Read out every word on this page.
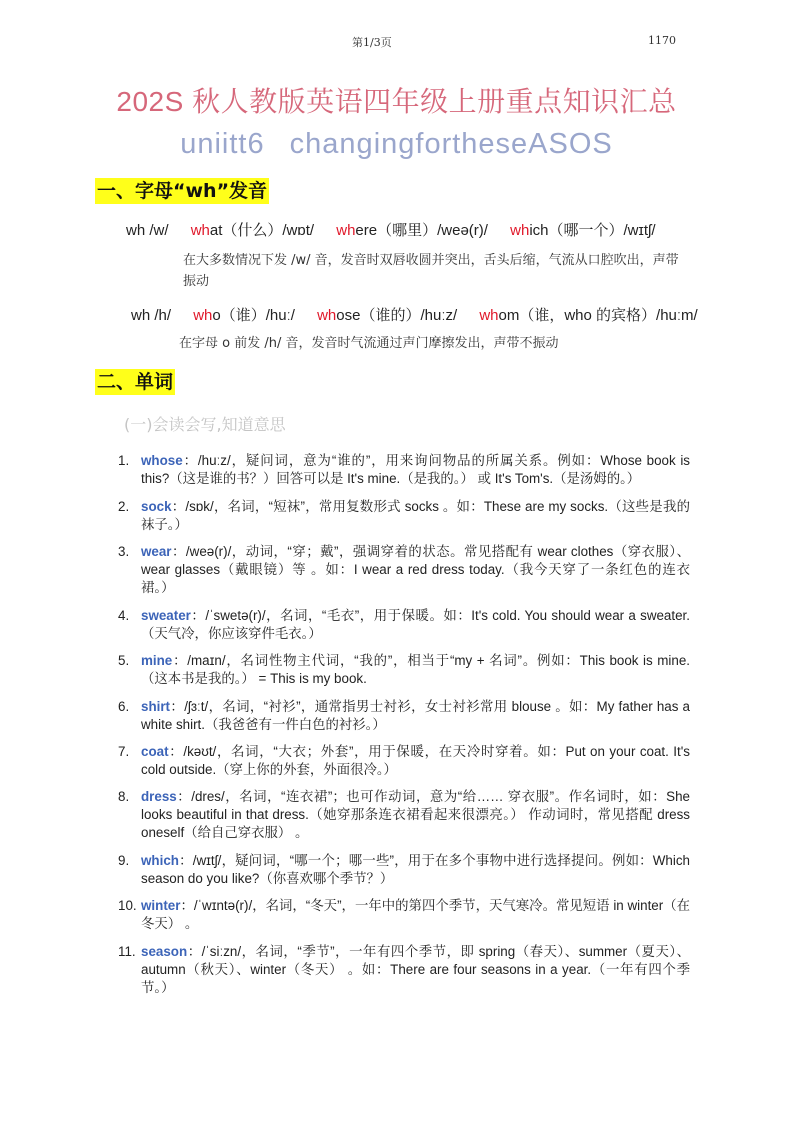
第1/3页	1170
202S 秋人教版英语四年级上册重点知识汇总
uniitt6 changingfortheseASOS
一、字母“wh”发音
wh /w/ what（什么）/wɒt/ where（哪里）/weə(r)/ which（哪一个）/wɪtʃ/
在大多数情况下发 /w/ 音，发音时双唇收圆并突出，舌头后缩，气流从口腔吹出，声带振动
wh /h/ who（谁）/huː/ whose（谁的）/huːz/ whom（谁，who 的宾格）/huːm/
在字母 o 前发 /h/ 音，发音时气流通过声门摩擦发出，声带不振动
二、单词
(一)会读会写,知道意思
1. whose：/huːz/，疑问词，意为“谁的”，用来询问物品的所属关系。例如：Whose book is this?（这是谁的书？）回答可以是 It's mine.（是我的。） 或 It's Tom's.（是汤姆的。）
2. sock：/sɒk/，名词，“短袜”，常用复数形式 socks 。如：These are my socks.（这些是我的袜子。）
3. wear：/weə(r)/，动词，“穿；戴”，强调穿着的状态。常见搭配有 wear clothes（穿衣服）、wear glasses（戴眼镜）等 。如：I wear a red dress today.（我今天穿了一条红色的连衣裙。）
4. sweater：/ˈswetə(r)/，名词，“毛衣”，用于保暖。如：It's cold. You should wear a sweater.（天气冷，你应该穿件毛衣。）
5. mine：/maɪn/，名词性物主代词，“我的”，相当于“my + 名词”。例如：This book is mine.（这本书是我的。） = This is my book.
6. shirt：/ʃɜːt/，名词，“衬衫”，通常指男士衬衫，女士衬衫常用 blouse 。如：My father has a white shirt.（我爸爸有一件白色的衬衫。）
7. coat：/kəʊt/，名词，“大衣；外套”，用于保暖，在天冷时穿着。如：Put on your coat. It's cold outside.（穿上你的外套，外面很冷。）
8. dress：/dres/，名词，“连衣裙”；也可作动词，意为“给…… 穿衣服”。作名词时，如：She looks beautiful in that dress.（她穿那条连衣裙看起来很漂亮。） 作动词时，常见搭配 dress oneself（给自己穿衣服） 。
9. which：/wɪtʃ/，疑问词，“哪一个；哪一些”，用于在多个事物中进行选择提问。例如：Which season do you like?（你喜欢哪个季节？）
10. winter：/ˈwɪntə(r)/，名词，“冬天”，一年中的第四个季节，天气寒冷。常见短语 in winter（在冬天） 。
11. season：/ˈsiːzn/，名词，“季节”，一年有四个季节，即 spring（春天）、summer（夏天）、autumn（秋天）、winter（冬天） 。如：There are four seasons in a year.（一年有四个季节。）
